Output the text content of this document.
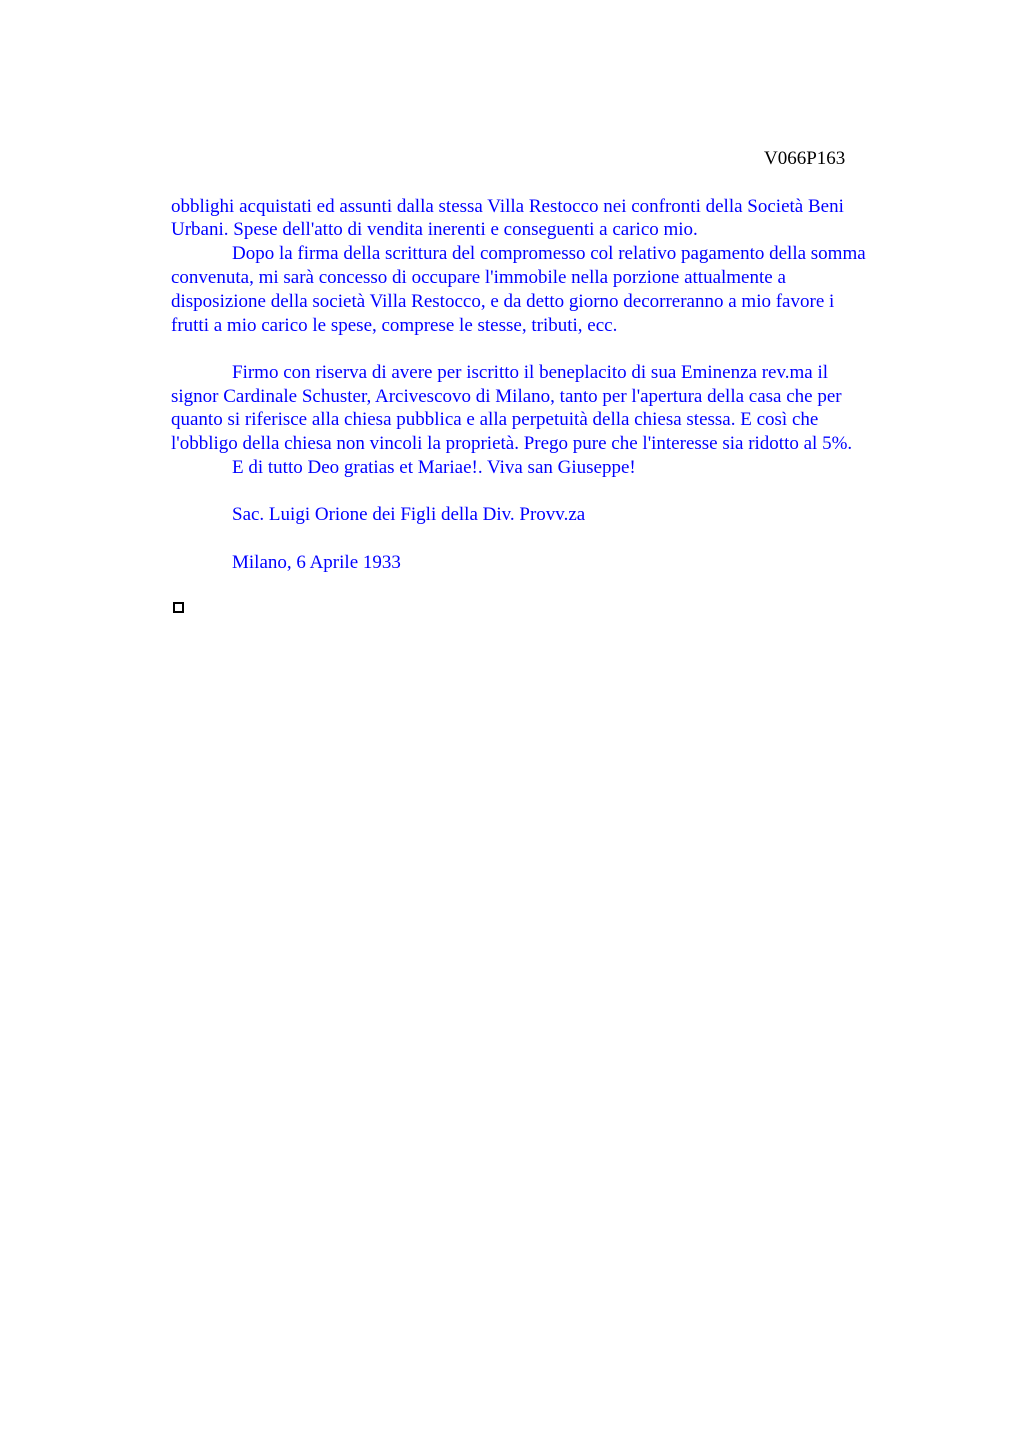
V066P163
obblighi acquistati ed assunti dalla stessa Villa Restocco nei confronti della Società Beni
Urbani. Spese dell'atto di vendita inerenti e conseguenti a carico mio.
Dopo la firma della scrittura del compromesso col relativo pagamento della somma
convenuta, mi sarà concesso di occupare l'immobile nella porzione attualmente a
disposizione della società Villa Restocco, e da detto giorno decorreranno a mio favore i
frutti a mio carico le spese, comprese le stesse, tributi, ecc.
Firmo con riserva di avere per iscritto il beneplacito di sua Eminenza rev.ma il
signor Cardinale Schuster, Arcivescovo di Milano, tanto per l'apertura della casa che per
quanto si riferisce alla chiesa pubblica e alla perpetuità della chiesa stessa. E così che
l'obbligo della chiesa non vincoli la proprietà. Prego pure che l'interesse sia ridotto al 5%.
E di tutto Deo gratias et Mariae!. Viva san Giuseppe!
Sac. Luigi Orione dei Figli della Div. Provv.za
Milano, 6 Aprile 1933
